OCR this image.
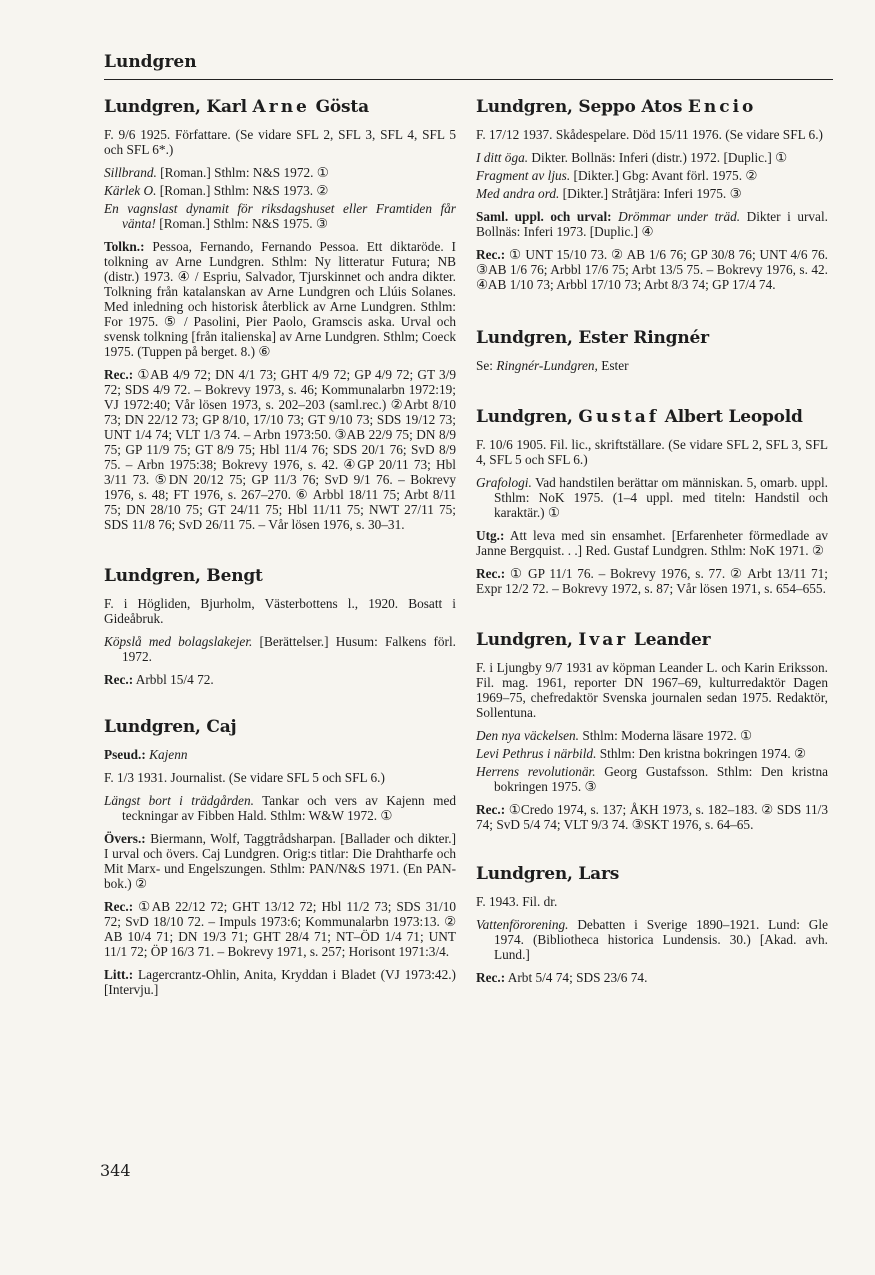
Lundgren
Lundgren, Karl Arne Gösta

F. 9/6 1925. Författare. (Se vidare SFL 2, SFL 3, SFL 4, SFL 5 och SFL 6*.)

Sillbrand. [Roman.] Sthlm: N&S 1972. ①

Kärlek O. [Roman.] Sthlm: N&S 1973. ②

En vagnslast dynamit för riksdagshuset eller Framtiden får vänta! [Roman.] Sthlm: N&S 1975. ③

Tolkn.: Pessoa, Fernando, Fernando Pessoa. Ett diktaröde. I tolkning av Arne Lundgren. Sthlm: Ny litteratur Futura; NB (distr.) 1973. ④ / Espriu, Salvador, Tjurskinnet och andra dikter. Tolkning från katalanskan av Arne Lundgren och Llúis Solanes. Med inledning och historisk återblick av Arne Lundgren. Sthlm: For 1975. ⑤ / Pasolini, Pier Paolo, Gramscis aska. Urval och svensk tolkning [från italienska] av Arne Lundgren. Sthlm; Coeck 1975. (Tuppen på berget. 8.) ⑥

Rec.: ①AB 4/9 72; DN 4/1 73; GHT 4/9 72; GP 4/9 72; GT 3/9 72; SDS 4/9 72. – Bokrevy 1973, s. 46; Kommunalarbn 1972:19; VJ 1972:40; Vår lösen 1973, s. 202–203 (saml.rec.) ②Arbt 8/10 73; DN 22/12 73; GP 8/10, 17/10 73; GT 9/10 73; SDS 19/12 73; UNT 1/4 74; VLT 1/3 74. – Arbn 1973:50. ③AB 22/9 75; DN 8/9 75; GP 11/9 75; GT 8/9 75; Hbl 11/4 76; SDS 20/1 76; SvD 8/9 75. – Arbn 1975:38; Bokrevy 1976, s. 42. ④GP 20/11 73; Hbl 3/11 73. ⑤DN 20/12 75; GP 11/3 76; SvD 9/1 76. – Bokrevy 1976, s. 48; FT 1976, s. 267–270. ⑥ Arbbl 18/11 75; Arbt 8/11 75; DN 28/10 75; GT 24/11 75; Hbl 11/11 75; NWT 27/11 75; SDS 11/8 76; SvD 26/11 75. – Vår lösen 1976, s. 30–31.

Lundgren, Bengt

F. i Högliden, Bjurholm, Västerbottens l., 1920. Bosatt i Gideåbruk.

Köpslå med bolagslakejer. [Berättelser.] Husum: Falkens förl. 1972.

Rec.: Arbbl 15/4 72.

Lundgren, Caj

Pseud.: Kajenn

F. 1/3 1931. Journalist. (Se vidare SFL 5 och SFL 6.)

Längst bort i trädgården. Tankar och vers av Kajenn med teckningar av Fibben Hald. Sthlm: W&W 1972. ①

Övers.: Biermann, Wolf, Taggtrådsharpan. [Ballader och dikter.] I urval och övers. Caj Lundgren. Orig:s titlar: Die Drahtharfe och Mit Marx- und Engelszungen. Sthlm: PAN/N&S 1971. (En PAN-bok.) ②

Rec.: ①AB 22/12 72; GHT 13/12 72; Hbl 11/2 73; SDS 31/10 72; SvD 18/10 72. – Impuls 1973:6; Kommunalarbn 1973:13. ② AB 10/4 71; DN 19/3 71; GHT 28/4 71; NT–ÖD 1/4 71; UNT 11/1 72; ÖP 16/3 71. – Bokrevy 1971, s. 257; Horisont 1971:3/4.

Litt.: Lagercrantz-Ohlin, Anita, Kryddan i Bladet (VJ 1973:42.) [Intervju.]

Lundgren, Seppo Atos Encio

F. 17/12 1937. Skådespelare. Död 15/11 1976. (Se vidare SFL 6.)

I ditt öga. Dikter. Bollnäs: Inferi (distr.) 1972. [Duplic.] ①

Fragment av ljus. [Dikter.] Gbg: Avant förl. 1975. ②

Med andra ord. [Dikter.] Stråtjära: Inferi 1975. ③

Saml. uppl. och urval: Drömmar under träd. Dikter i urval. Bollnäs: Inferi 1973. [Duplic.] ④

Rec.: ① UNT 15/10 73. ② AB 1/6 76; GP 30/8 76; UNT 4/6 76. ③AB 1/6 76; Arbbl 17/6 75; Arbt 13/5 75. – Bokrevy 1976, s. 42. ④AB 1/10 73; Arbbl 17/10 73; Arbt 8/3 74; GP 17/4 74.

Lundgren, Ester Ringnér

Se: Ringnér-Lundgren, Ester

Lundgren, Gustaf Albert Leopold

F. 10/6 1905. Fil. lic., skriftställare. (Se vidare SFL 2, SFL 3, SFL 4, SFL 5 och SFL 6.)

Grafologi. Vad handstilen berättar om människan. 5, omarb. uppl. Sthlm: NoK 1975. (1–4 uppl. med titeln: Handstil och karaktär.) ①

Utg.: Att leva med sin ensamhet. [Erfarenheter förmedlade av Janne Bergquist. . .] Red. Gustaf Lundgren. Sthlm: NoK 1971. ②

Rec.: ① GP 11/1 76. – Bokrevy 1976, s. 77. ② Arbt 13/11 71; Expr 12/2 72. – Bokrevy 1972, s. 87; Vår lösen 1971, s. 654–655.

Lundgren, Ivar Leander

F. i Ljungby 9/7 1931 av köpman Leander L. och Karin Eriksson. Fil. mag. 1961, reporter DN 1967–69, kulturredaktör Dagen 1969–75, chefredaktör Svenska journalen sedan 1975. Redaktör, Sollentuna.

Den nya väckelsen. Sthlm: Moderna läsare 1972. ①

Levi Pethrus i närbild. Sthlm: Den kristna bokringen 1974. ②

Herrens revolutionär. Georg Gustafsson. Sthlm: Den kristna bokringen 1975. ③

Rec.: ①Credo 1974, s. 137; ÅKH 1973, s. 182–183. ② SDS 11/3 74; SvD 5/4 74; VLT 9/3 74. ③SKT 1976, s. 64–65.

Lundgren, Lars

F. 1943. Fil. dr.

Vattenförorening. Debatten i Sverige 1890–1921. Lund: Gle 1974. (Bibliotheca historica Lundensis. 30.) [Akad. avh. Lund.]

Rec.: Arbt 5/4 74; SDS 23/6 74.

344
